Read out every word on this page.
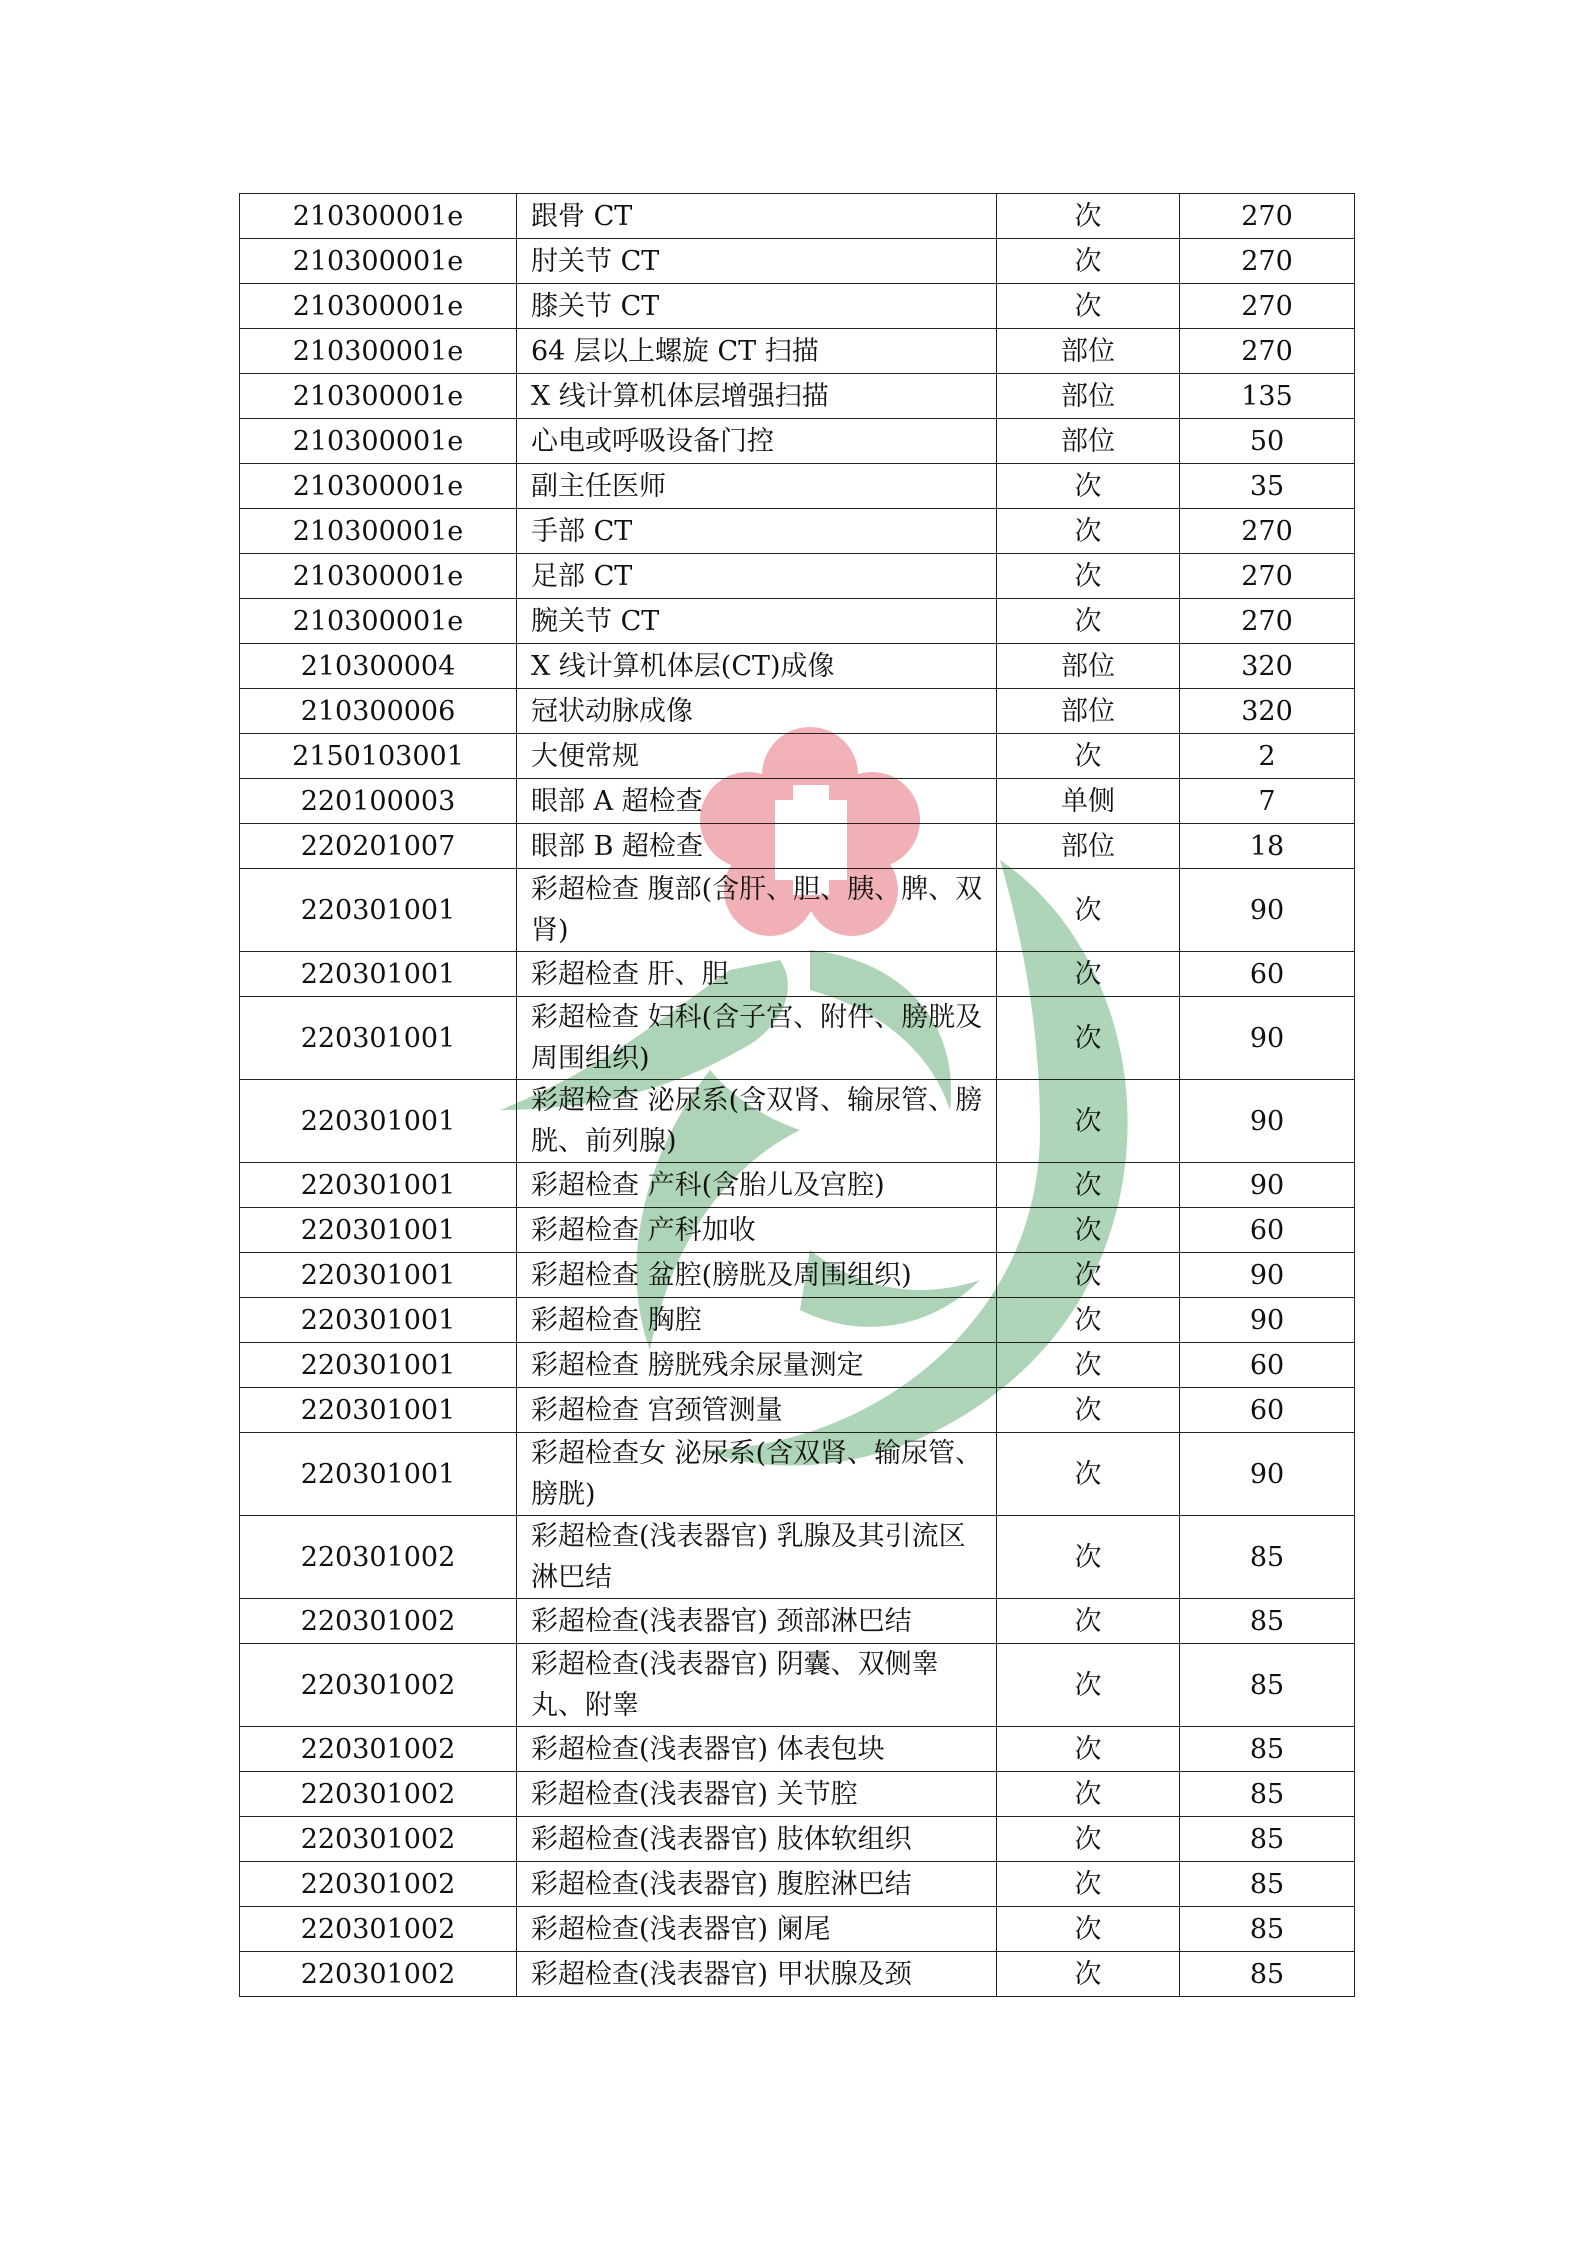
210300001e	跟骨 CT	次	270
210300001e	肘关节 CT	次	270
210300001e	膝关节 CT	次	270
210300001e	64 层以上螺旋 CT 扫描	部位	270
210300001e	X 线计算机体层增强扫描	部位	135
210300001e	心电或呼吸设备门控	部位	50
210300001e	副主任医师	次	35
210300001e	手部 CT	次	270
210300001e	足部 CT	次	270
210300001e	腕关节 CT	次	270
210300004	X 线计算机体层(CT)成像	部位	320
210300006	冠状动脉成像	部位	320
2150103001	大便常规	次	2
220100003	眼部 A 超检查	单侧	7
220201007	眼部 B 超检查	部位	18
220301001	彩超检查 腹部(含肝、胆、胰、脾、双肾)	次	90
220301001	彩超检查 肝、胆	次	60
220301001	彩超检查 妇科(含子宫、附件、膀胱及周围组织)	次	90
220301001	彩超检查 泌尿系(含双肾、输尿管、膀胱、前列腺)	次	90
220301001	彩超检查 产科(含胎儿及宫腔)	次	90
220301001	彩超检查 产科加收	次	60
220301001	彩超检查 盆腔(膀胱及周围组织)	次	90
220301001	彩超检查 胸腔	次	90
220301001	彩超检查 膀胱残余尿量测定	次	60
220301001	彩超检查 宫颈管测量	次	60
220301001	彩超检查女 泌尿系(含双肾、输尿管、膀胱)	次	90
220301002	彩超检查(浅表器官) 乳腺及其引流区淋巴结	次	85
220301002	彩超检查(浅表器官) 颈部淋巴结	次	85
220301002	彩超检查(浅表器官) 阴囊、双侧睾丸、附睾	次	85
220301002	彩超检查(浅表器官) 体表包块	次	85
220301002	彩超检查(浅表器官) 关节腔	次	85
220301002	彩超检查(浅表器官) 肢体软组织	次	85
220301002	彩超检查(浅表器官) 腹腔淋巴结	次	85
220301002	彩超检查(浅表器官) 阑尾	次	85
220301002	彩超检查(浅表器官) 甲状腺及颈	次	85
